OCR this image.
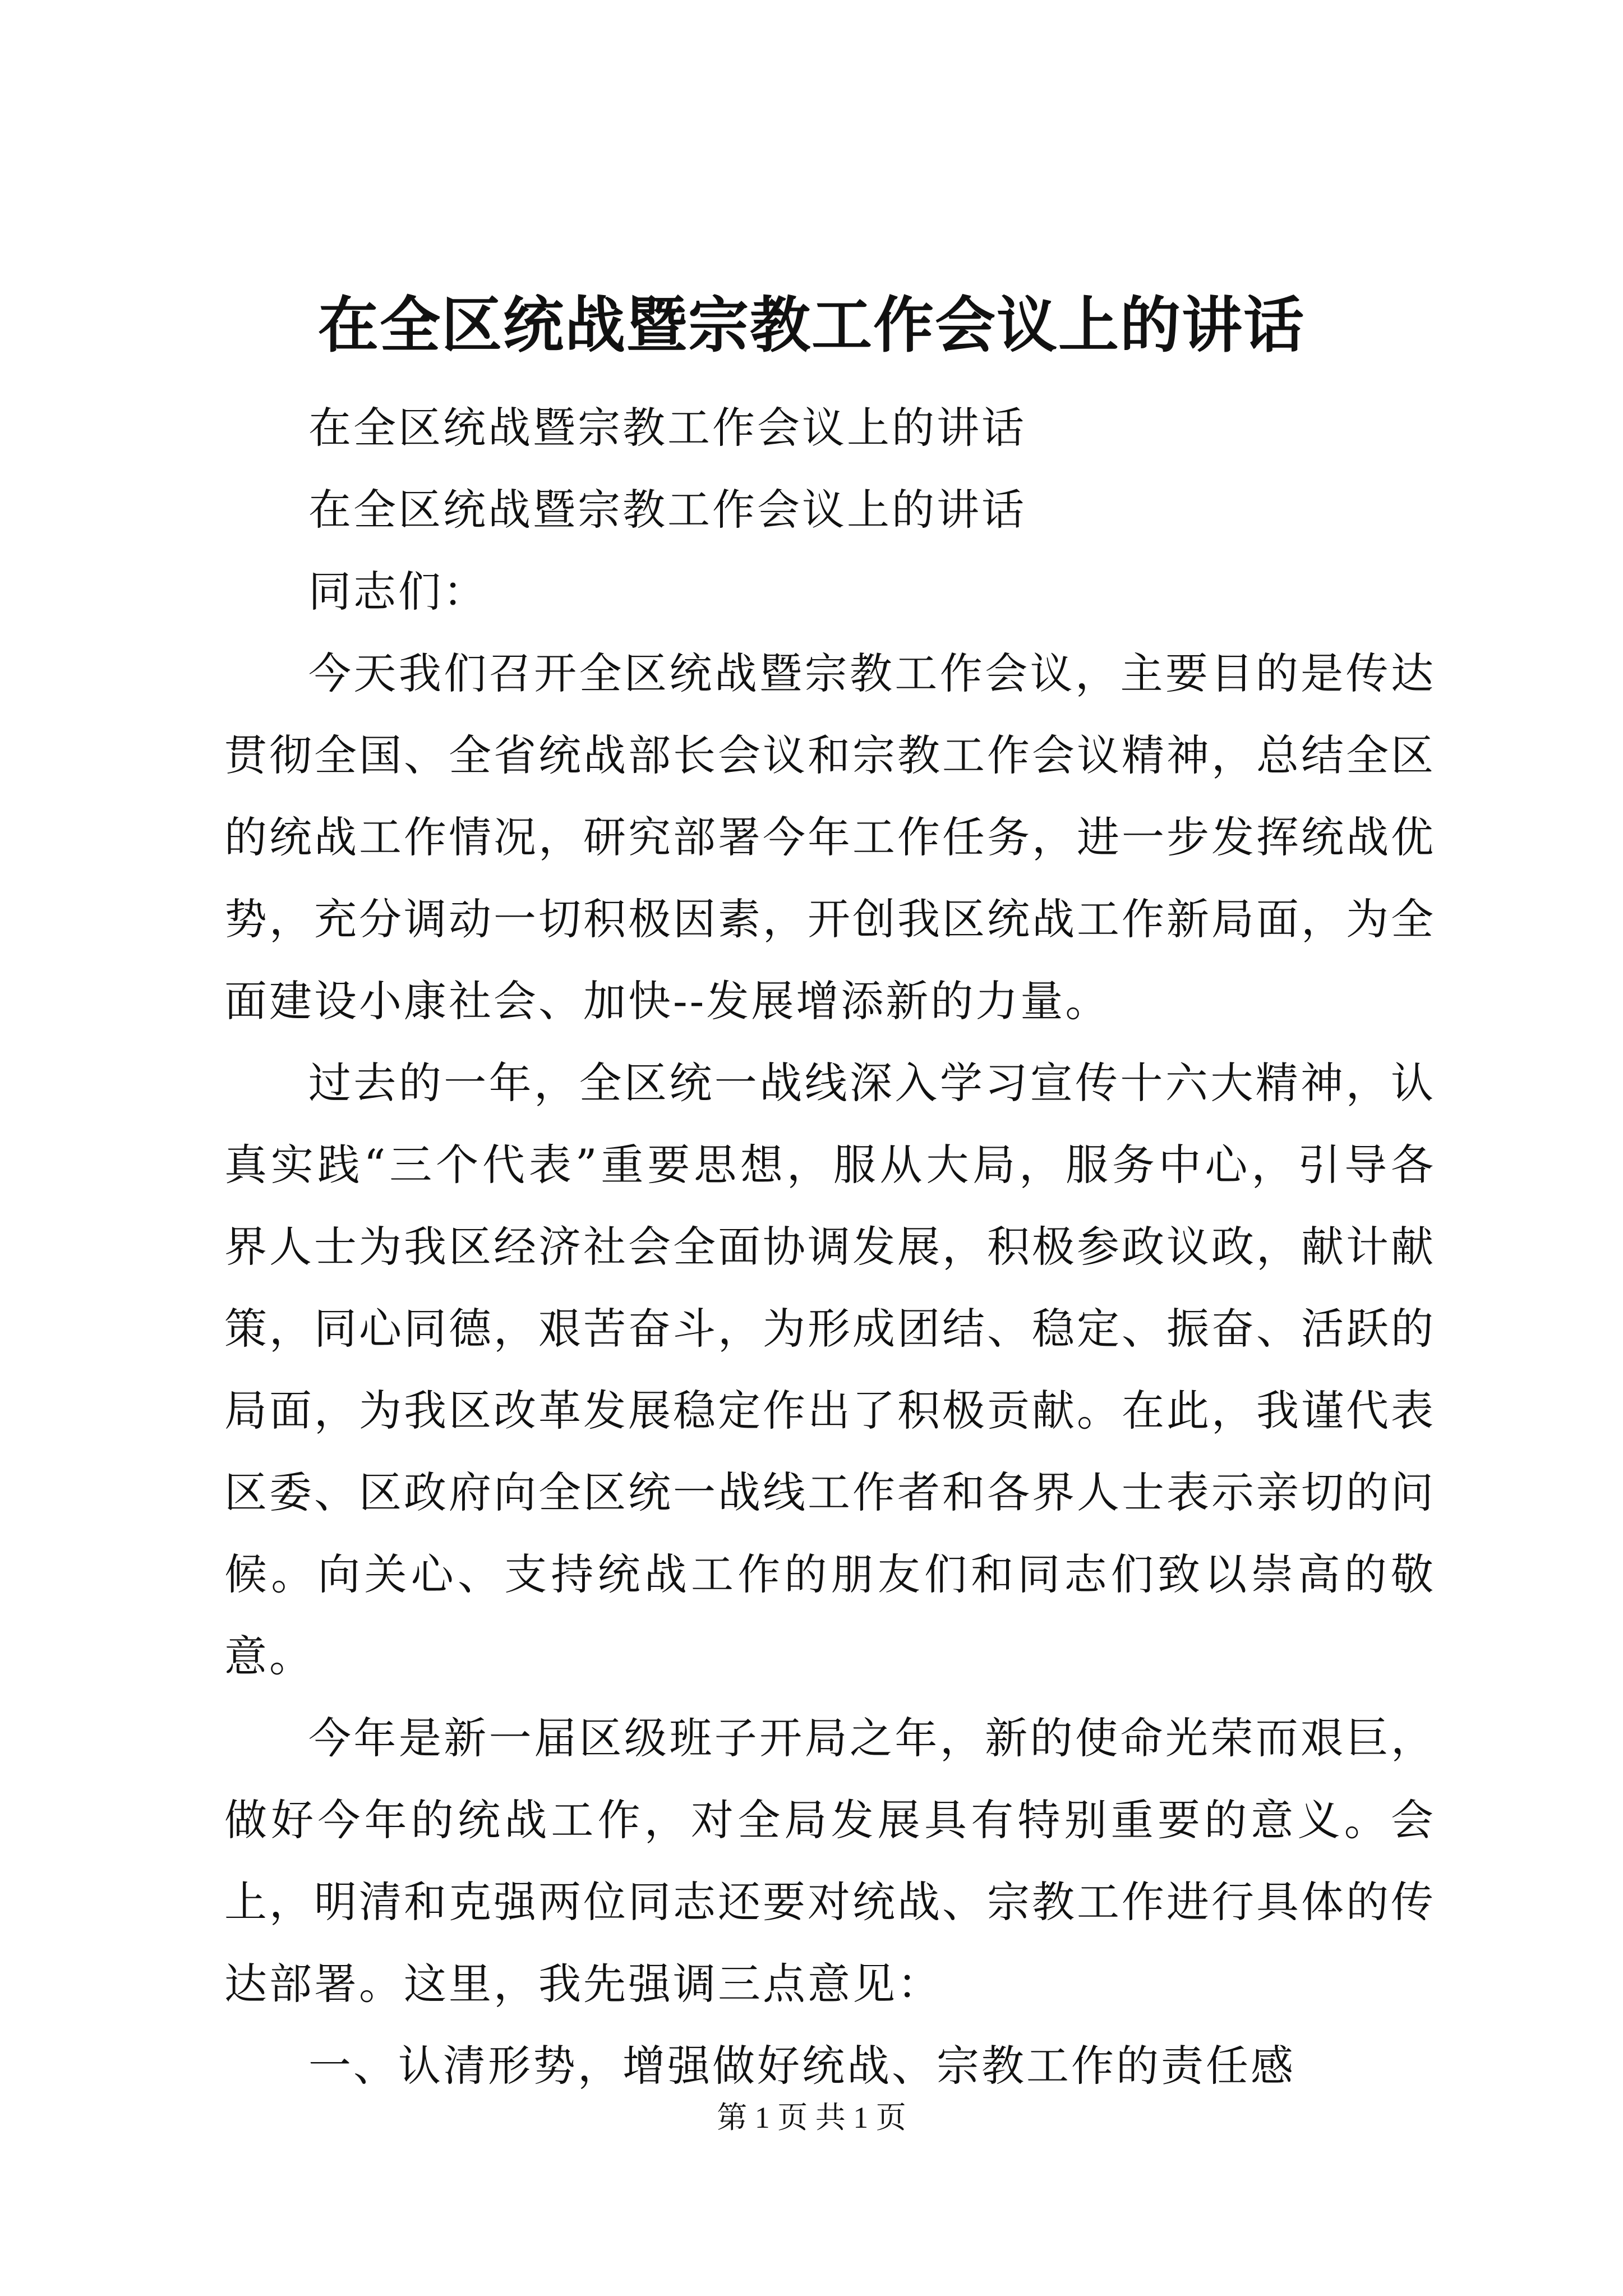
在全区统战暨宗教工作会议上的讲话

在全区统战暨宗教工作会议上的讲话

在全区统战暨宗教工作会议上的讲话

同志们：

今天我们召开全区统战暨宗教工作会议，主要目的是传达贯彻全国、全省统战部长会议和宗教工作会议精神，总结全区的统战工作情况，研究部署今年工作任务，进一步发挥统战优势，充分调动一切积极因素，开创我区统战工作新局面，为全面建设小康社会、加快--发展增添新的力量。

过去的一年，全区统一战线深入学习宣传十六大精神，认真实践“三个代表”重要思想，服从大局，服务中心，引导各界人士为我区经济社会全面协调发展，积极参政议政，献计献策，同心同德，艰苦奋斗，为形成团结、稳定、振奋、活跃的局面，为我区改革发展稳定作出了积极贡献。在此，我谨代表区委、区政府向全区统一战线工作者和各界人士表示亲切的问候。向关心、支持统战工作的朋友们和同志们致以崇高的敬意。

今年是新一届区级班子开局之年，新的使命光荣而艰巨，做好今年的统战工作，对全局发展具有特别重要的意义。会上，明清和克强两位同志还要对统战、宗教工作进行具体的传达部署。这里，我先强调三点意见：

一、认清形势，增强做好统战、宗教工作的责任感

第 1 页 共 1 页
